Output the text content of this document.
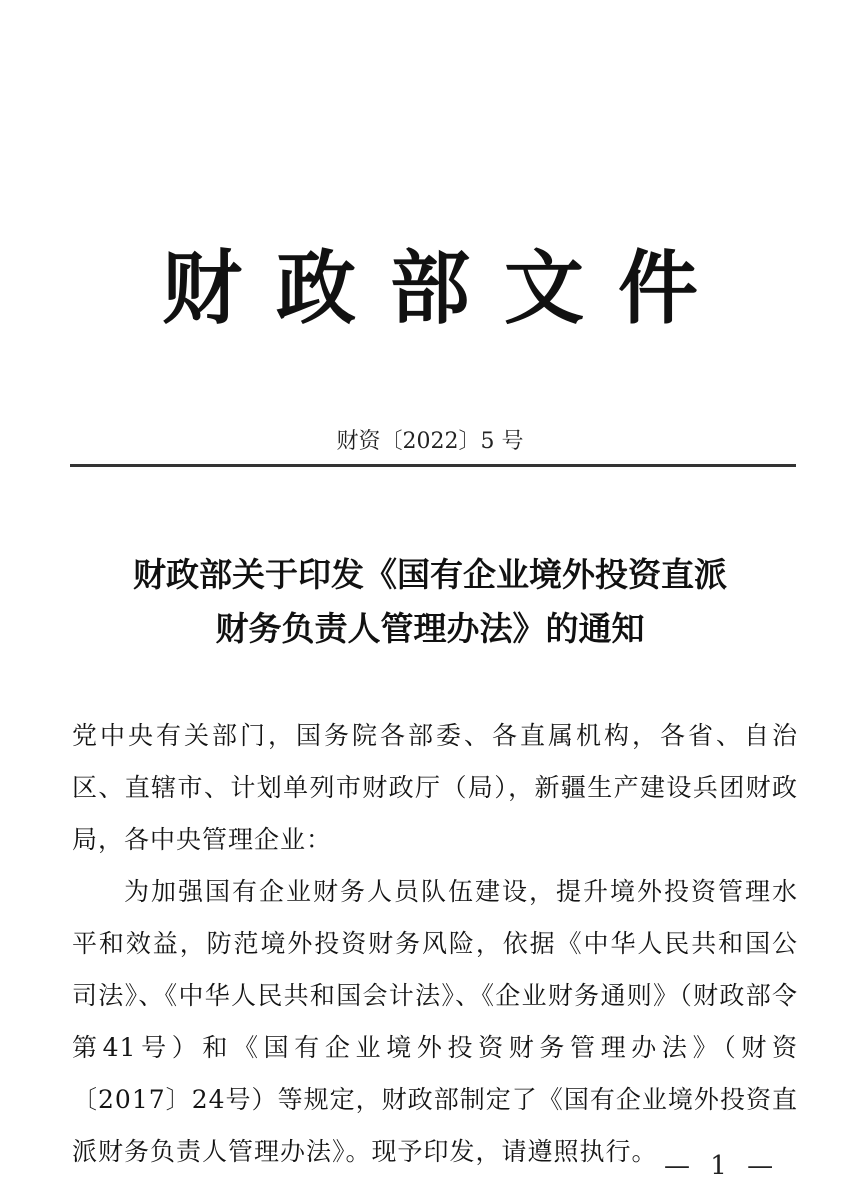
财政部文件
财资〔2022〕5 号
财政部关于印发《国有企业境外投资直派
财务负责人管理办法》的通知
党中央有关部门，国务院各部委、各直属机构，各省、自治区、直辖市、计划单列市财政厅（局），新疆生产建设兵团财政局，各中央管理企业：
为加强国有企业财务人员队伍建设，提升境外投资管理水平和效益，防范境外投资财务风险，依据《中华人民共和国公司法》、《中华人民共和国会计法》、《企业财务通则》（财政部令第41号）和《国有企业境外投资财务管理办法》（财资〔2017〕24号）等规定，财政部制定了《国有企业境外投资直派财务负责人管理办法》。现予印发，请遵照执行。 — 1 —
